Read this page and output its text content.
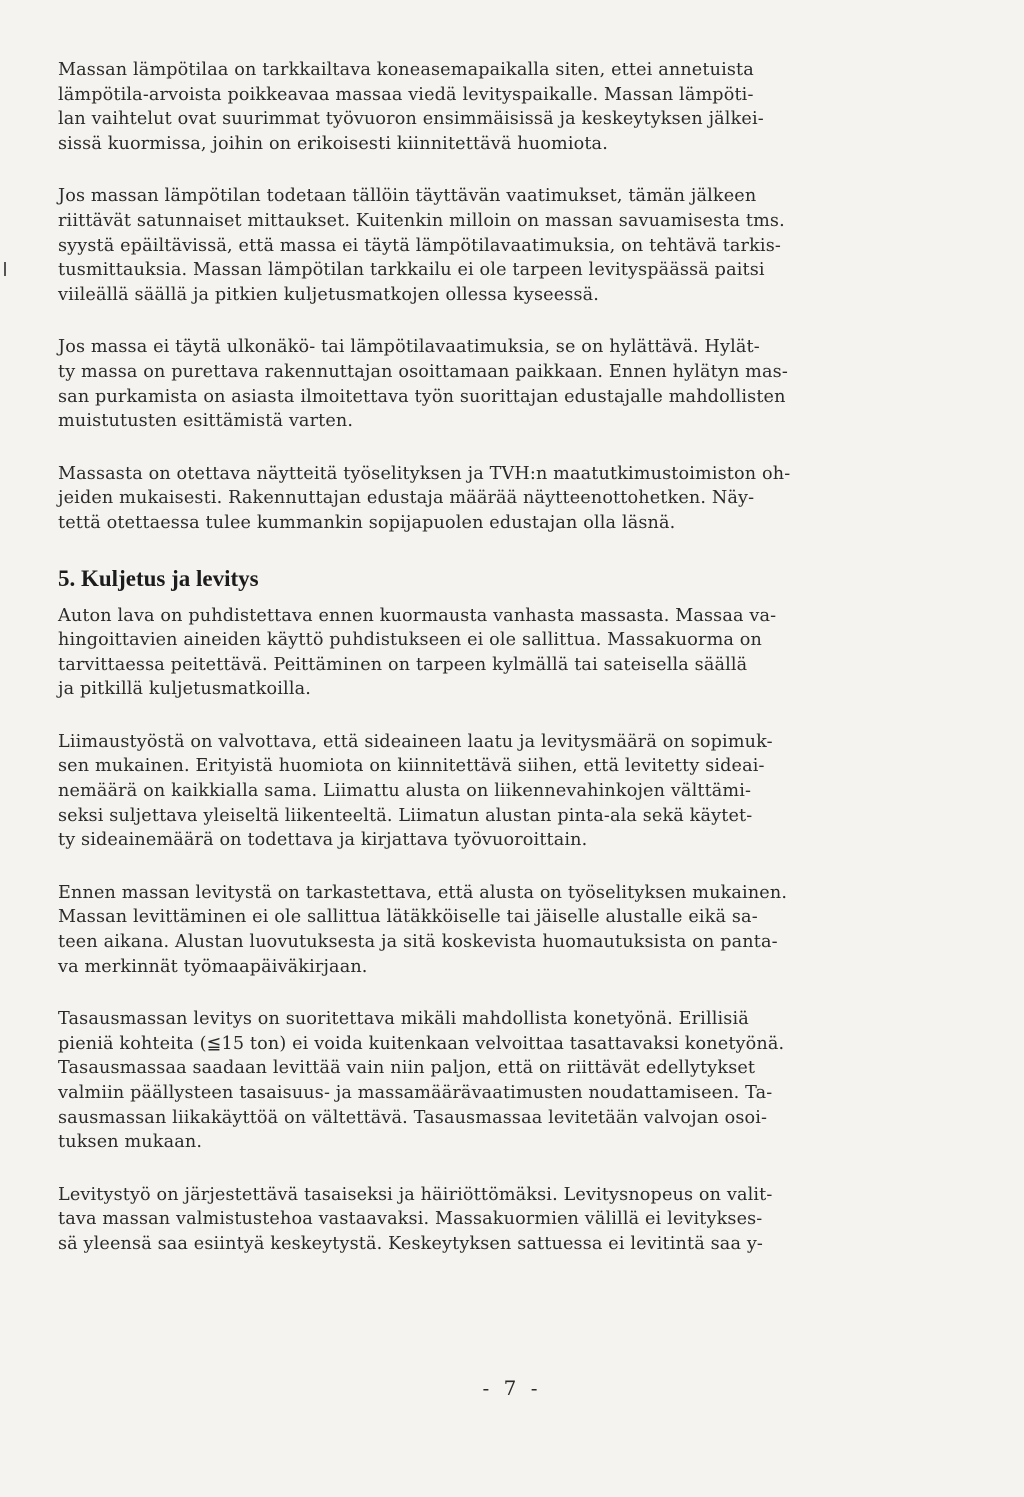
Massan lämpötilaa on tarkkailtava koneasemapaikalla siten, ettei annetuista
lämpötila-arvoista poikkeavaa massaa viedä levityspaikalle. Massan lämpöti-
lan vaihtelut ovat suurimmat työvuoron ensimmäisissä ja keskeytyksen jälkei-
sissä kuormissa, joihin on erikoisesti kiinnitettävä huomiota.

Jos massan lämpötilan todetaan tällöin täyttävän vaatimukset, tämän jälkeen
riittävät satunnaiset mittaukset. Kuitenkin milloin on massan savuamisesta tms.
syystä epäiltävissä, että massa ei täytä lämpötilavaatimuksia, on tehtävä tarkis-
tusmittauksia. Massan lämpötilan tarkkailu ei ole tarpeen levityspäässä paitsi
viileällä säällä ja pitkien kuljetusmatkojen ollessa kyseessä.

Jos massa ei täytä ulkonäkö- tai lämpötilavaatimuksia, se on hylättävä. Hylät-
ty massa on purettava rakennuttajan osoittamaan paikkaan. Ennen hylätyn mas-
san purkamista on asiasta ilmoitettava työn suorittajan edustajalle mahdollisten
muistutusten esittämistä varten.

Massasta on otettava näytteitä työselityksen ja TVH:n maatutkimustoimiston oh-
jeiden mukaisesti. Rakennuttajan edustaja määrää näytteenottohetken. Näy-
tettä otettaessa tulee kummankin sopijapuolen edustajan olla läsnä.

5. Kuljetus ja levitys

Auton lava on puhdistettava ennen kuormausta vanhasta massasta. Massaa va-
hingoittavien aineiden käyttö puhdistukseen ei ole sallittua. Massakuorma on
tarvittaessa peitettävä. Peittäminen on tarpeen kylmällä tai sateisella säällä
ja pitkillä kuljetusmatkoilla.

Liimaustyöstä on valvottava, että sideaineen laatu ja levitysmäärä on sopimuk-
sen mukainen. Erityistä huomiota on kiinnitettävä siihen, että levitetty sideai-
nemäärä on kaikkialla sama. Liimattu alusta on liikennevahinkojen välttämi-
seksi suljettava yleiseltä liikenteeltä. Liimatun alustan pinta-ala sekä käytet-
ty sideainemäärä on todettava ja kirjattava työvuoroittain.

Ennen massan levitystä on tarkastettava, että alusta on työselityksen mukainen.
Massan levittäminen ei ole sallittua lätäkköiselle tai jäiselle alustalle eikä sa-
teen aikana. Alustan luovutuksesta ja sitä koskevista huomautuksista on panta-
va merkinnät työmaapäiväkirjaan.

Tasausmassan levitys on suoritettava mikäli mahdollista konetyönä. Erillisiä
pieniä kohteita (≦15 ton) ei voida kuitenkaan velvoittaa tasattavaksi konetyönä.
Tasausmassaa saadaan levittää vain niin paljon, että on riittävät edellytykset
valmiin päällysteen tasaisuus- ja massamäärävaatimusten noudattamiseen. Ta-
sausmassan liikakäyttöä on vältettävä. Tasausmassaa levitetään valvojan osoi-
tuksen mukaan.

Levitystyö on järjestettävä tasaiseksi ja häiriöttömäksi. Levitysnopeus on valit-
tava massan valmistustehoa vastaavaksi. Massakuormien välillä ei levitykses-
sä yleensä saa esiintyä keskeytystä. Keskeytyksen sattuessa ei levitintä saa y-

- 7 -
